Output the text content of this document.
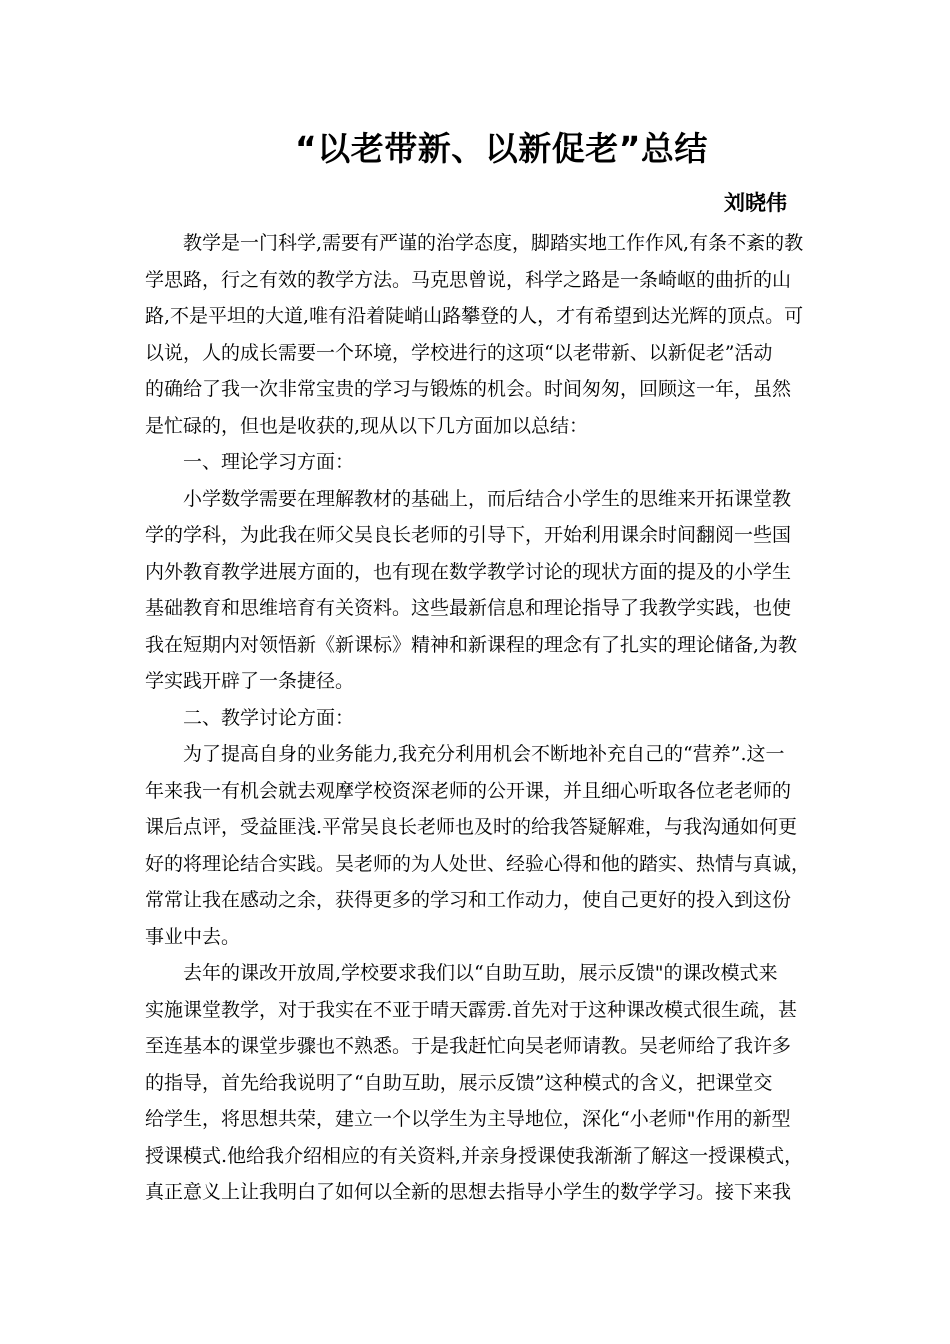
“以老带新、以新促老”总结
刘晓伟
教学是一门科学,需要有严谨的治学态度，脚踏实地工作作风,有条不紊的教
学思路，行之有效的教学方法。马克思曾说，科学之路是一条崎岖的曲折的山
路,不是平坦的大道,唯有沿着陡峭山路攀登的人，才有希望到达光辉的顶点。可
以说，人的成长需要一个环境，学校进行的这项“以老带新、以新促老”活动
的确给了我一次非常宝贵的学习与锻炼的机会。时间匆匆，回顾这一年，虽然
是忙碌的，但也是收获的,现从以下几方面加以总结：
一、理论学习方面：
小学数学需要在理解教材的基础上，而后结合小学生的思维来开拓课堂教
学的学科，为此我在师父吴良长老师的引导下，开始利用课余时间翻阅一些国
内外教育教学进展方面的，也有现在数学教学讨论的现状方面的提及的小学生
基础教育和思维培育有关资料。这些最新信息和理论指导了我教学实践，也使
我在短期内对领悟新《新课标》精神和新课程的理念有了扎实的理论储备,为教
学实践开辟了一条捷径。
二、教学讨论方面：
为了提高自身的业务能力,我充分利用机会不断地补充自己的“营养”.这一
年来我一有机会就去观摩学校资深老师的公开课，并且细心听取各位老老师的
课后点评，受益匪浅.平常吴良长老师也及时的给我答疑解难，与我沟通如何更
好的将理论结合实践。吴老师的为人处世、经验心得和他的踏实、热情与真诚，
常常让我在感动之余，获得更多的学习和工作动力，使自己更好的投入到这份
事业中去。
去年的课改开放周,学校要求我们以“自助互助，展示反馈"的课改模式来
实施课堂教学，对于我实在不亚于晴天霹雳.首先对于这种课改模式很生疏，甚
至连基本的课堂步骤也不熟悉。于是我赶忙向吴老师请教。吴老师给了我许多
的指导，首先给我说明了“自助互助，展示反馈”这种模式的含义，把课堂交
给学生，将思想共荣，建立一个以学生为主导地位，深化“小老师"作用的新型
授课模式.他给我介绍相应的有关资料,并亲身授课使我渐渐了解这一授课模式，
真正意义上让我明白了如何以全新的思想去指导小学生的数学学习。接下来我
